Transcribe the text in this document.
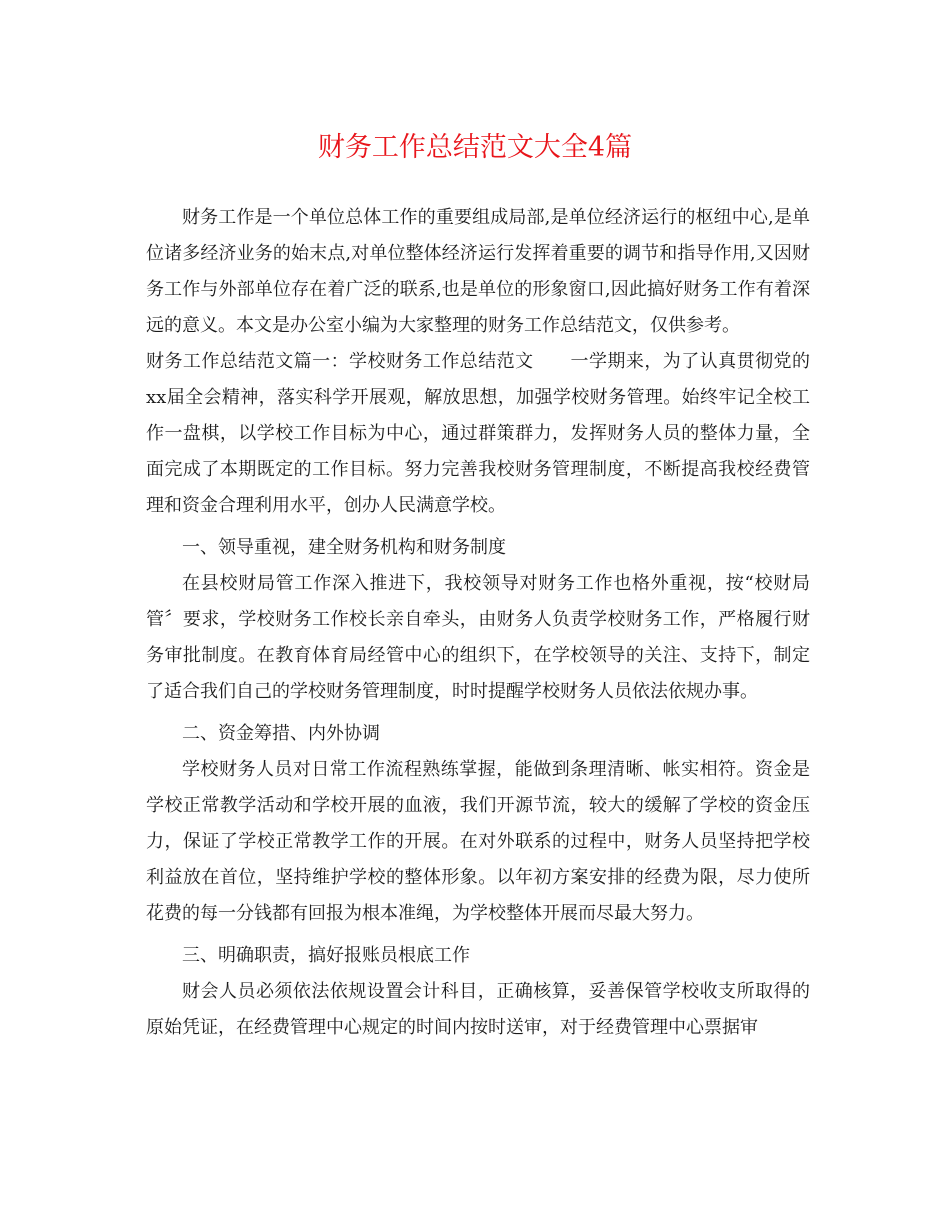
财务工作总结范文大全4篇

财务工作是一个单位总体工作的重要组成局部,是单位经济运行的枢纽中心,是单位诸多经济业务的始末点,对单位整体经济运行发挥着重要的调节和指导作用,又因财务工作与外部单位存在着广泛的联系,也是单位的形象窗口,因此搞好财务工作有着深远的意义。本文是办公室小编为大家整理的财务工作总结范文，仅供参考。

财务工作总结范文篇一：学校财务工作总结范文　　一学期来，为了认真贯彻党的xx届全会精神，落实科学开展观，解放思想，加强学校财务管理。始终牢记全校工作一盘棋，以学校工作目标为中心，通过群策群力，发挥财务人员的整体力量，全面完成了本期既定的工作目标。努力完善我校财务管理制度，不断提高我校经费管理和资金合理利用水平，创办人民满意学校。

一、领导重视，建全财务机构和财务制度

在县校财局管工作深入推进下，我校领导对财务工作也格外重视，按“校财局管〞要求，学校财务工作校长亲自牵头，由财务人负责学校财务工作，严格履行财务审批制度。在教育体育局经管中心的组织下，在学校领导的关注、支持下，制定了适合我们自己的学校财务管理制度，时时提醒学校财务人员依法依规办事。

二、资金筹措、内外协调

学校财务人员对日常工作流程熟练掌握，能做到条理清晰、帐实相符。资金是学校正常教学活动和学校开展的血液，我们开源节流，较大的缓解了学校的资金压力，保证了学校正常教学工作的开展。在对外联系的过程中，财务人员坚持把学校利益放在首位，坚持维护学校的整体形象。以年初方案安排的经费为限，尽力使所花费的每一分钱都有回报为根本准绳，为学校整体开展而尽最大努力。

三、明确职责，搞好报账员根底工作

财会人员必须依法依规设置会计科目，正确核算，妥善保管学校收支所取得的原始凭证，在经费管理中心规定的时间内按时送审，对于经费管理中心票据审
